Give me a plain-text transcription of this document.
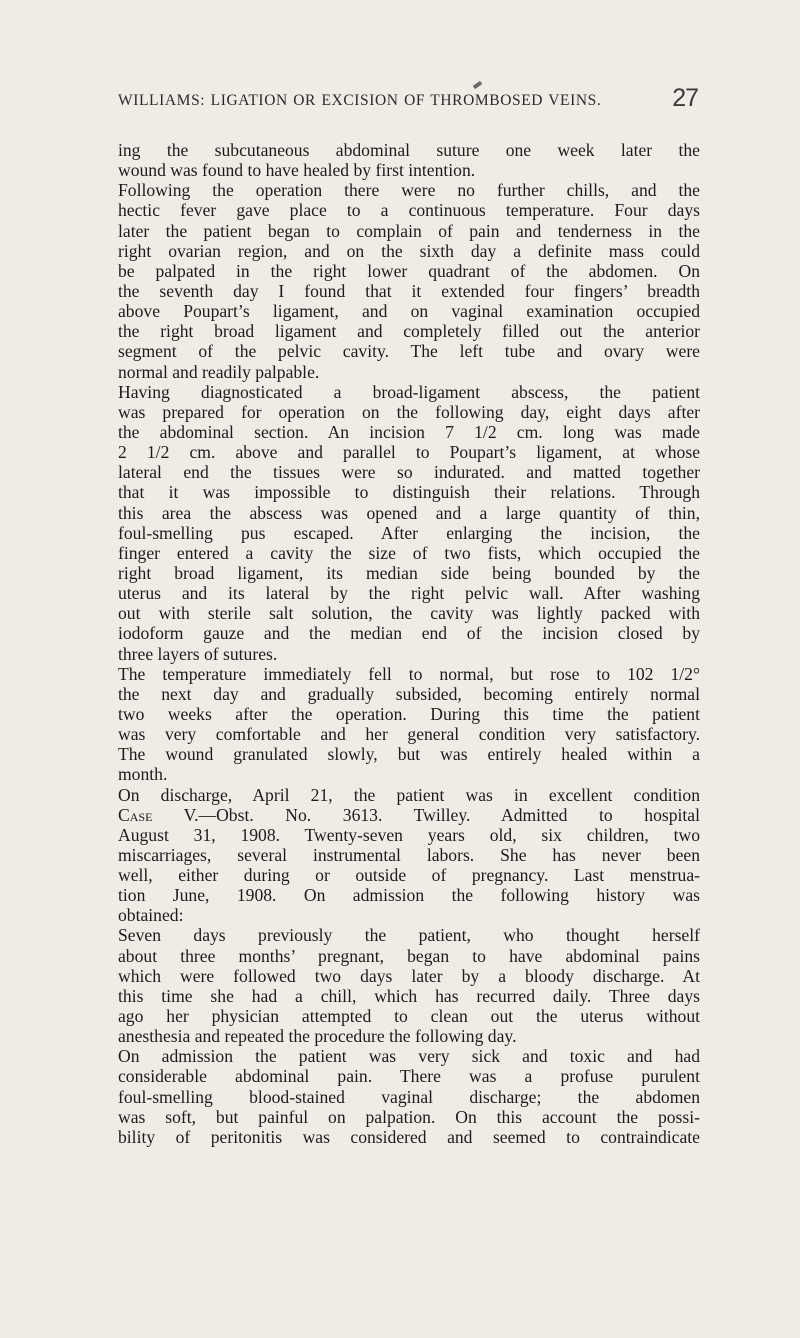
WILLIAMS: LIGATION OR EXCISION OF THROMBOSED VEINS.	27
ing the subcutaneous abdominal suture one week later the
wound was found to have healed by first intention.
Following the operation there were no further chills, and the
hectic fever gave place to a continuous temperature. Four days
later the patient began to complain of pain and tenderness in the
right ovarian region, and on the sixth day a definite mass could
be palpated in the right lower quadrant of the abdomen. On
the seventh day I found that it extended four fingers’ breadth
above Poupart’s ligament, and on vaginal examination occupied
the right broad ligament and completely filled out the anterior
segment of the pelvic cavity. The left tube and ovary were
normal and readily palpable.
Having diagnosticated a broad-ligament abscess, the patient
was prepared for operation on the following day, eight days after
the abdominal section. An incision 7 1/2 cm. long was made
2 1/2 cm. above and parallel to Poupart’s ligament, at whose
lateral end the tissues were so indurated. and matted together
that it was impossible to distinguish their relations. Through
this area the abscess was opened and a large quantity of thin,
foul-smelling pus escaped. After enlarging the incision, the
finger entered a cavity the size of two fists, which occupied the
right broad ligament, its median side being bounded by the
uterus and its lateral by the right pelvic wall. After washing
out with sterile salt solution, the cavity was lightly packed with
iodoform gauze and the median end of the incision closed by
three layers of sutures.
The temperature immediately fell to normal, but rose to 102 1/2°
the next day and gradually subsided, becoming entirely normal
two weeks after the operation. During this time the patient
was very comfortable and her general condition very satisfactory.
The wound granulated slowly, but was entirely healed within a
month.
On discharge, April 21, the patient was in excellent condition
Case V.—Obst. No. 3613. Twilley. Admitted to hospital
August 31, 1908. Twenty-seven years old, six children, two
miscarriages, several instrumental labors. She has never been
well, either during or outside of pregnancy. Last menstrua-
tion June, 1908. On admission the following history was
obtained:
Seven days previously the patient, who thought herself
about three months’ pregnant, began to have abdominal pains
which were followed two days later by a bloody discharge. At
this time she had a chill, which has recurred daily. Three days
ago her physician attempted to clean out the uterus without
anesthesia and repeated the procedure the following day.
On admission the patient was very sick and toxic and had
considerable abdominal pain. There was a profuse purulent
foul-smelling blood-stained vaginal discharge; the abdomen
was soft, but painful on palpation. On this account the possi-
bility of peritonitis was considered and seemed to contraindicate
